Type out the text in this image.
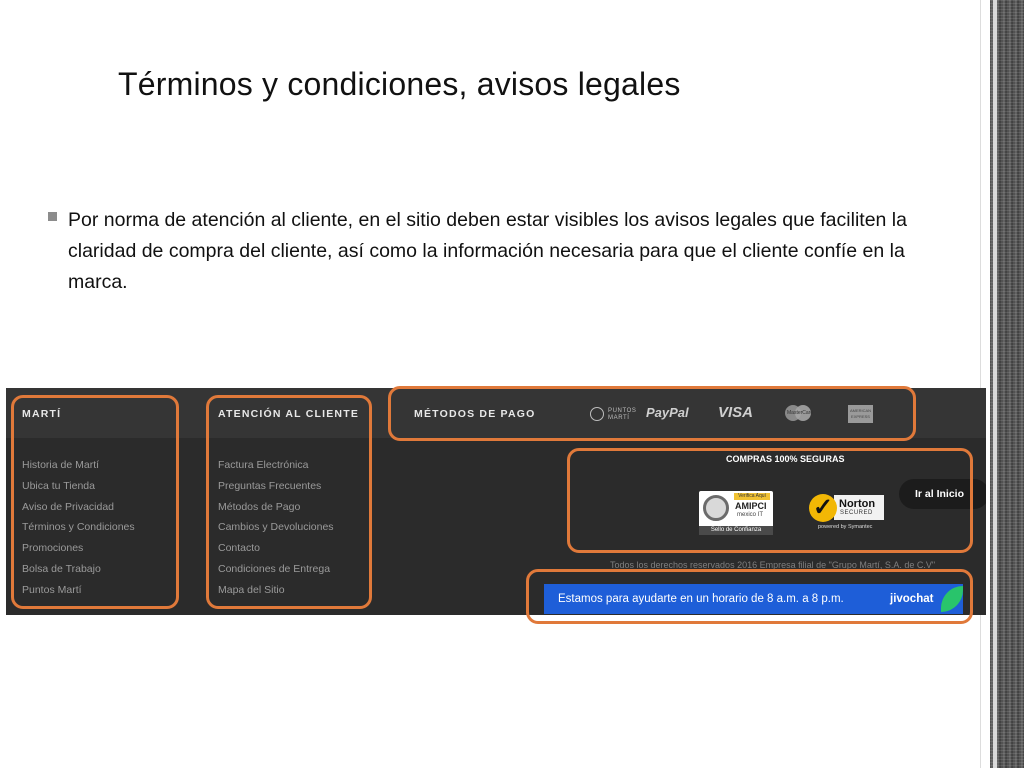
Términos y condiciones, avisos legales

Por norma de atención al cliente, en el sitio deben estar visibles los avisos legales que faciliten la claridad de compra del cliente, así como la información necesaria para que el cliente confíe en la marca.

MARTÍ
Historia de Martí
Ubica tu Tienda
Aviso de Privacidad
Términos y Condiciones
Promociones
Bolsa de Trabajo
Puntos Martí
ATENCIÓN AL CLIENTE
Factura Electrónica
Preguntas Frecuentes
Métodos de Pago
Cambios y Devoluciones
Contacto
Condiciones de Entrega
Mapa del Sitio
MÉTODOS DE PAGO	PUNTOS MARTÍ	PayPal VISA	MasterCard	AMERICAN EXPRESS
COMPRAS 100% SEGURAS
Verifica Aquí
AMIPCI
mexico IT
Sello de Confianza
✓ Norton
SECURED
powered by Symantec
Ir al Inicio
Todos los derechos reservados 2016 Empresa filial de "Grupo Martí, S.A. de C.V"
Estamos para ayudarte en un horario de 8 a.m. a 8 p.m.	jivochat
